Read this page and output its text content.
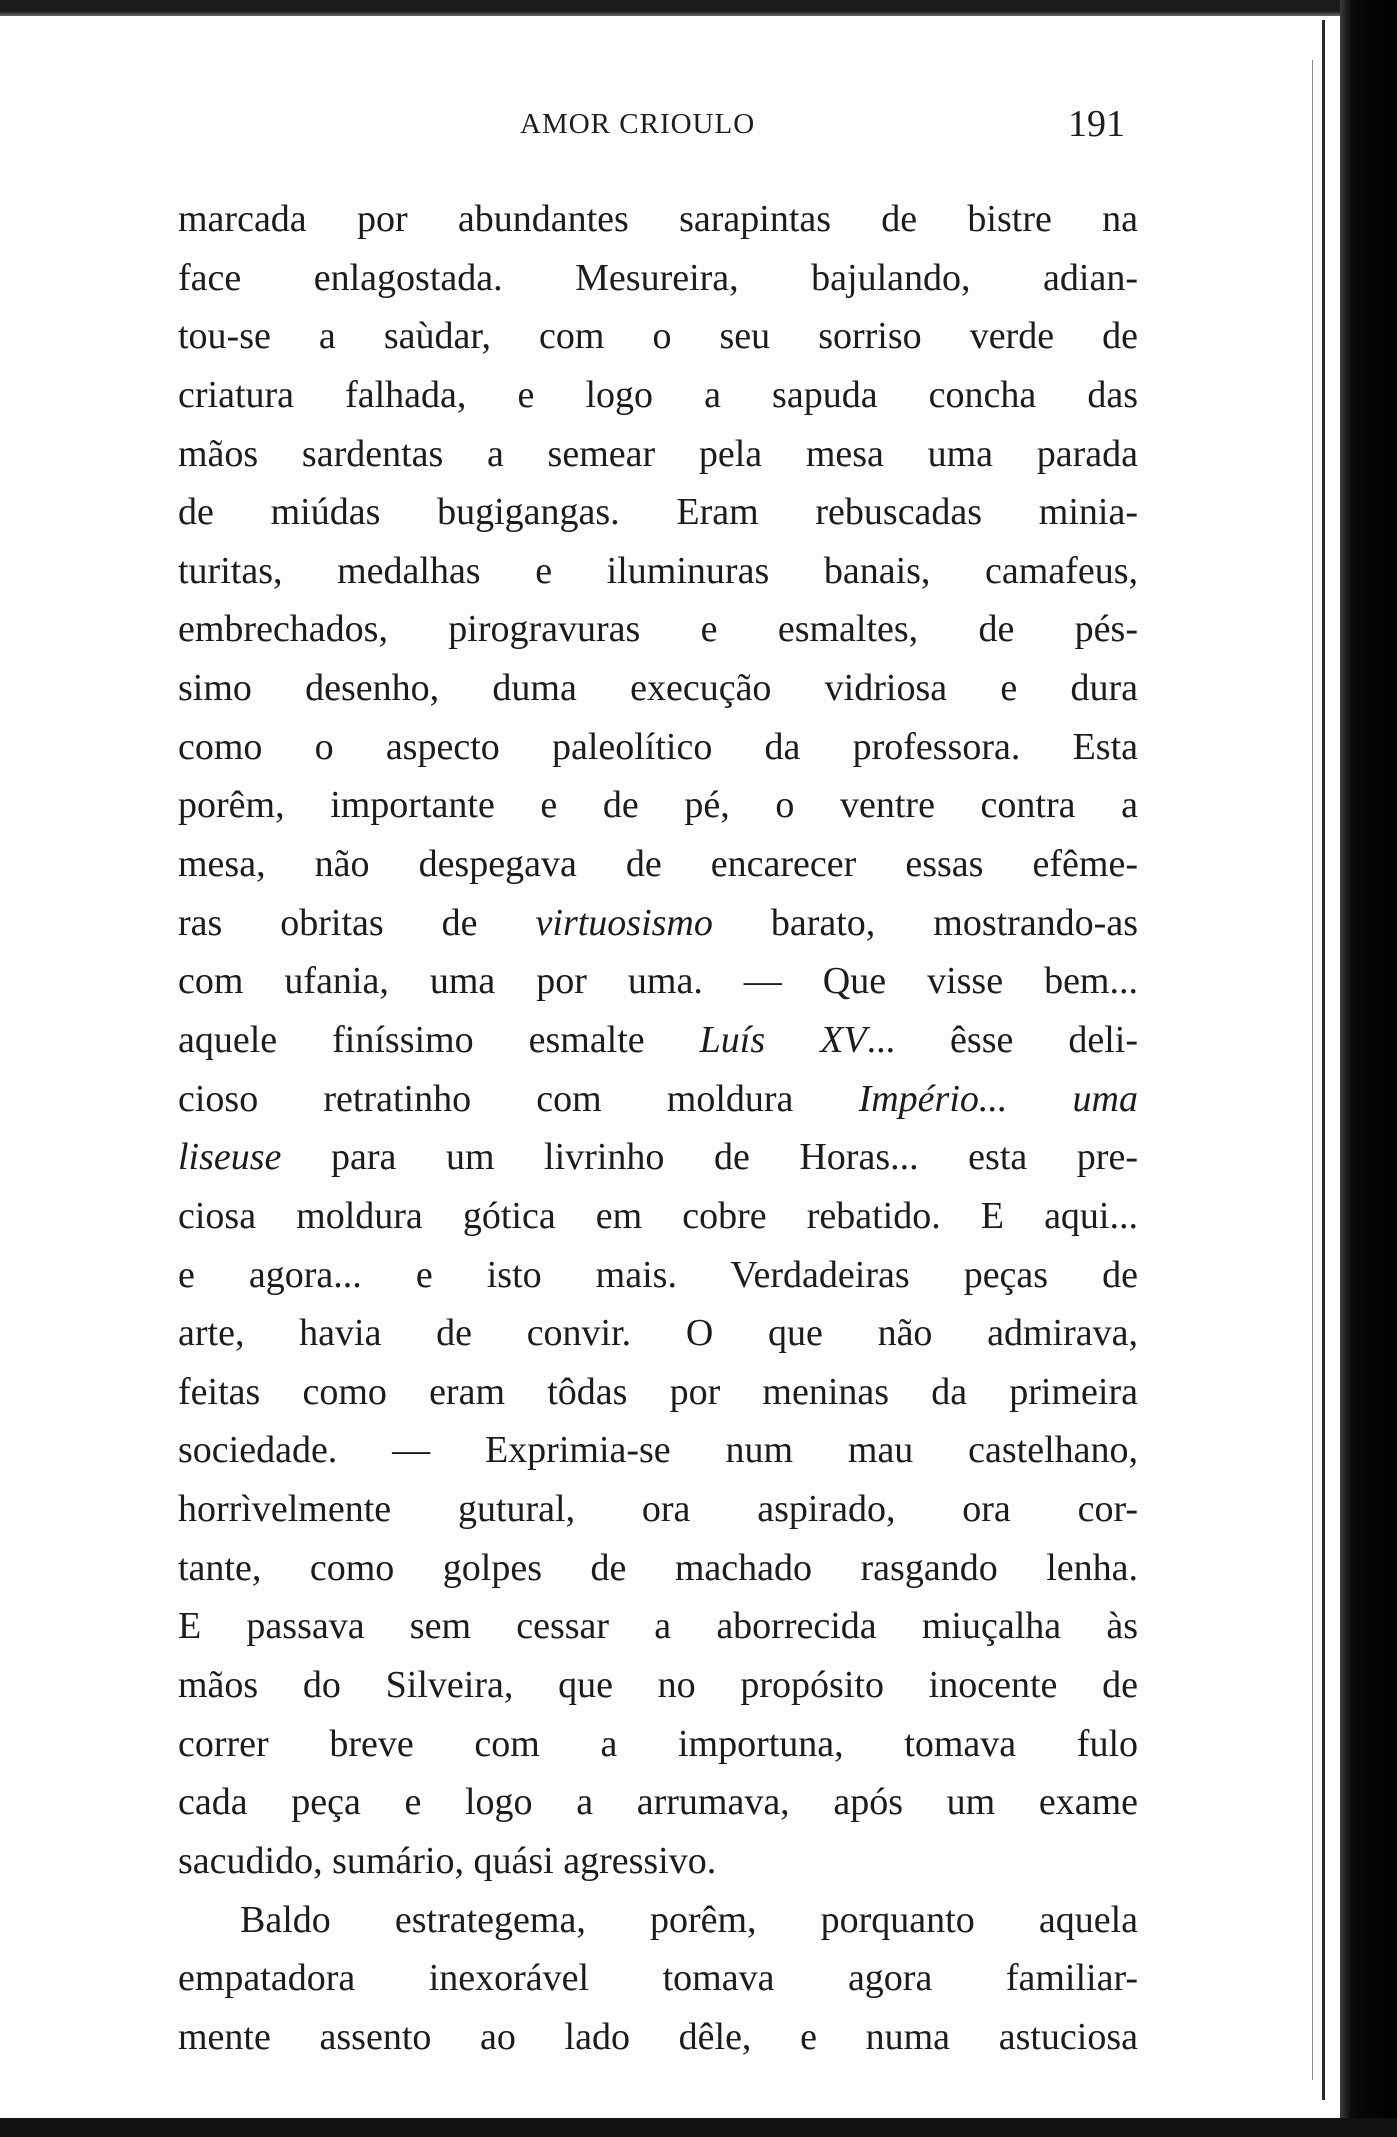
AMOR CRIOULO	191
marcada por abundantes sarapintas de bistre na
face enlagostada. Mesureira, bajulando, adian-
tou-se a saùdar, com o seu sorriso verde de
criatura falhada, e logo a sapuda concha das
mãos sardentas a semear pela mesa uma parada
de miúdas bugigangas. Eram rebuscadas minia-
turitas, medalhas e iluminuras banais, camafeus,
embrechados, pirogravuras e esmaltes, de pés-
simo desenho, duma execução vidriosa e dura
como o aspecto paleolítico da professora. Esta
porêm, importante e de pé, o ventre contra a
mesa, não despegava de encarecer essas efême-
ras obritas de virtuosismo barato, mostrando-as
com ufania, uma por uma. — Que visse bem...
aquele finíssimo esmalte Luís XV... êsse deli-
cioso retratinho com moldura Império... uma
liseuse para um livrinho de Horas... esta pre-
ciosa moldura gótica em cobre rebatido. E aqui...
e agora... e isto mais. Verdadeiras peças de
arte, havia de convir. O que não admirava,
feitas como eram tôdas por meninas da primeira
sociedade. — Exprimia-se num mau castelhano,
horrìvelmente gutural, ora aspirado, ora cor-
tante, como golpes de machado rasgando lenha.
E passava sem cessar a aborrecida miuçalha às
mãos do Silveira, que no propósito inocente de
correr breve com a importuna, tomava fulo
cada peça e logo a arrumava, após um exame
sacudido, sumário, quási agressivo.
Baldo estrategema, porêm, porquanto aquela
empatadora inexorável tomava agora familiar-
mente assento ao lado dêle, e numa astuciosa
